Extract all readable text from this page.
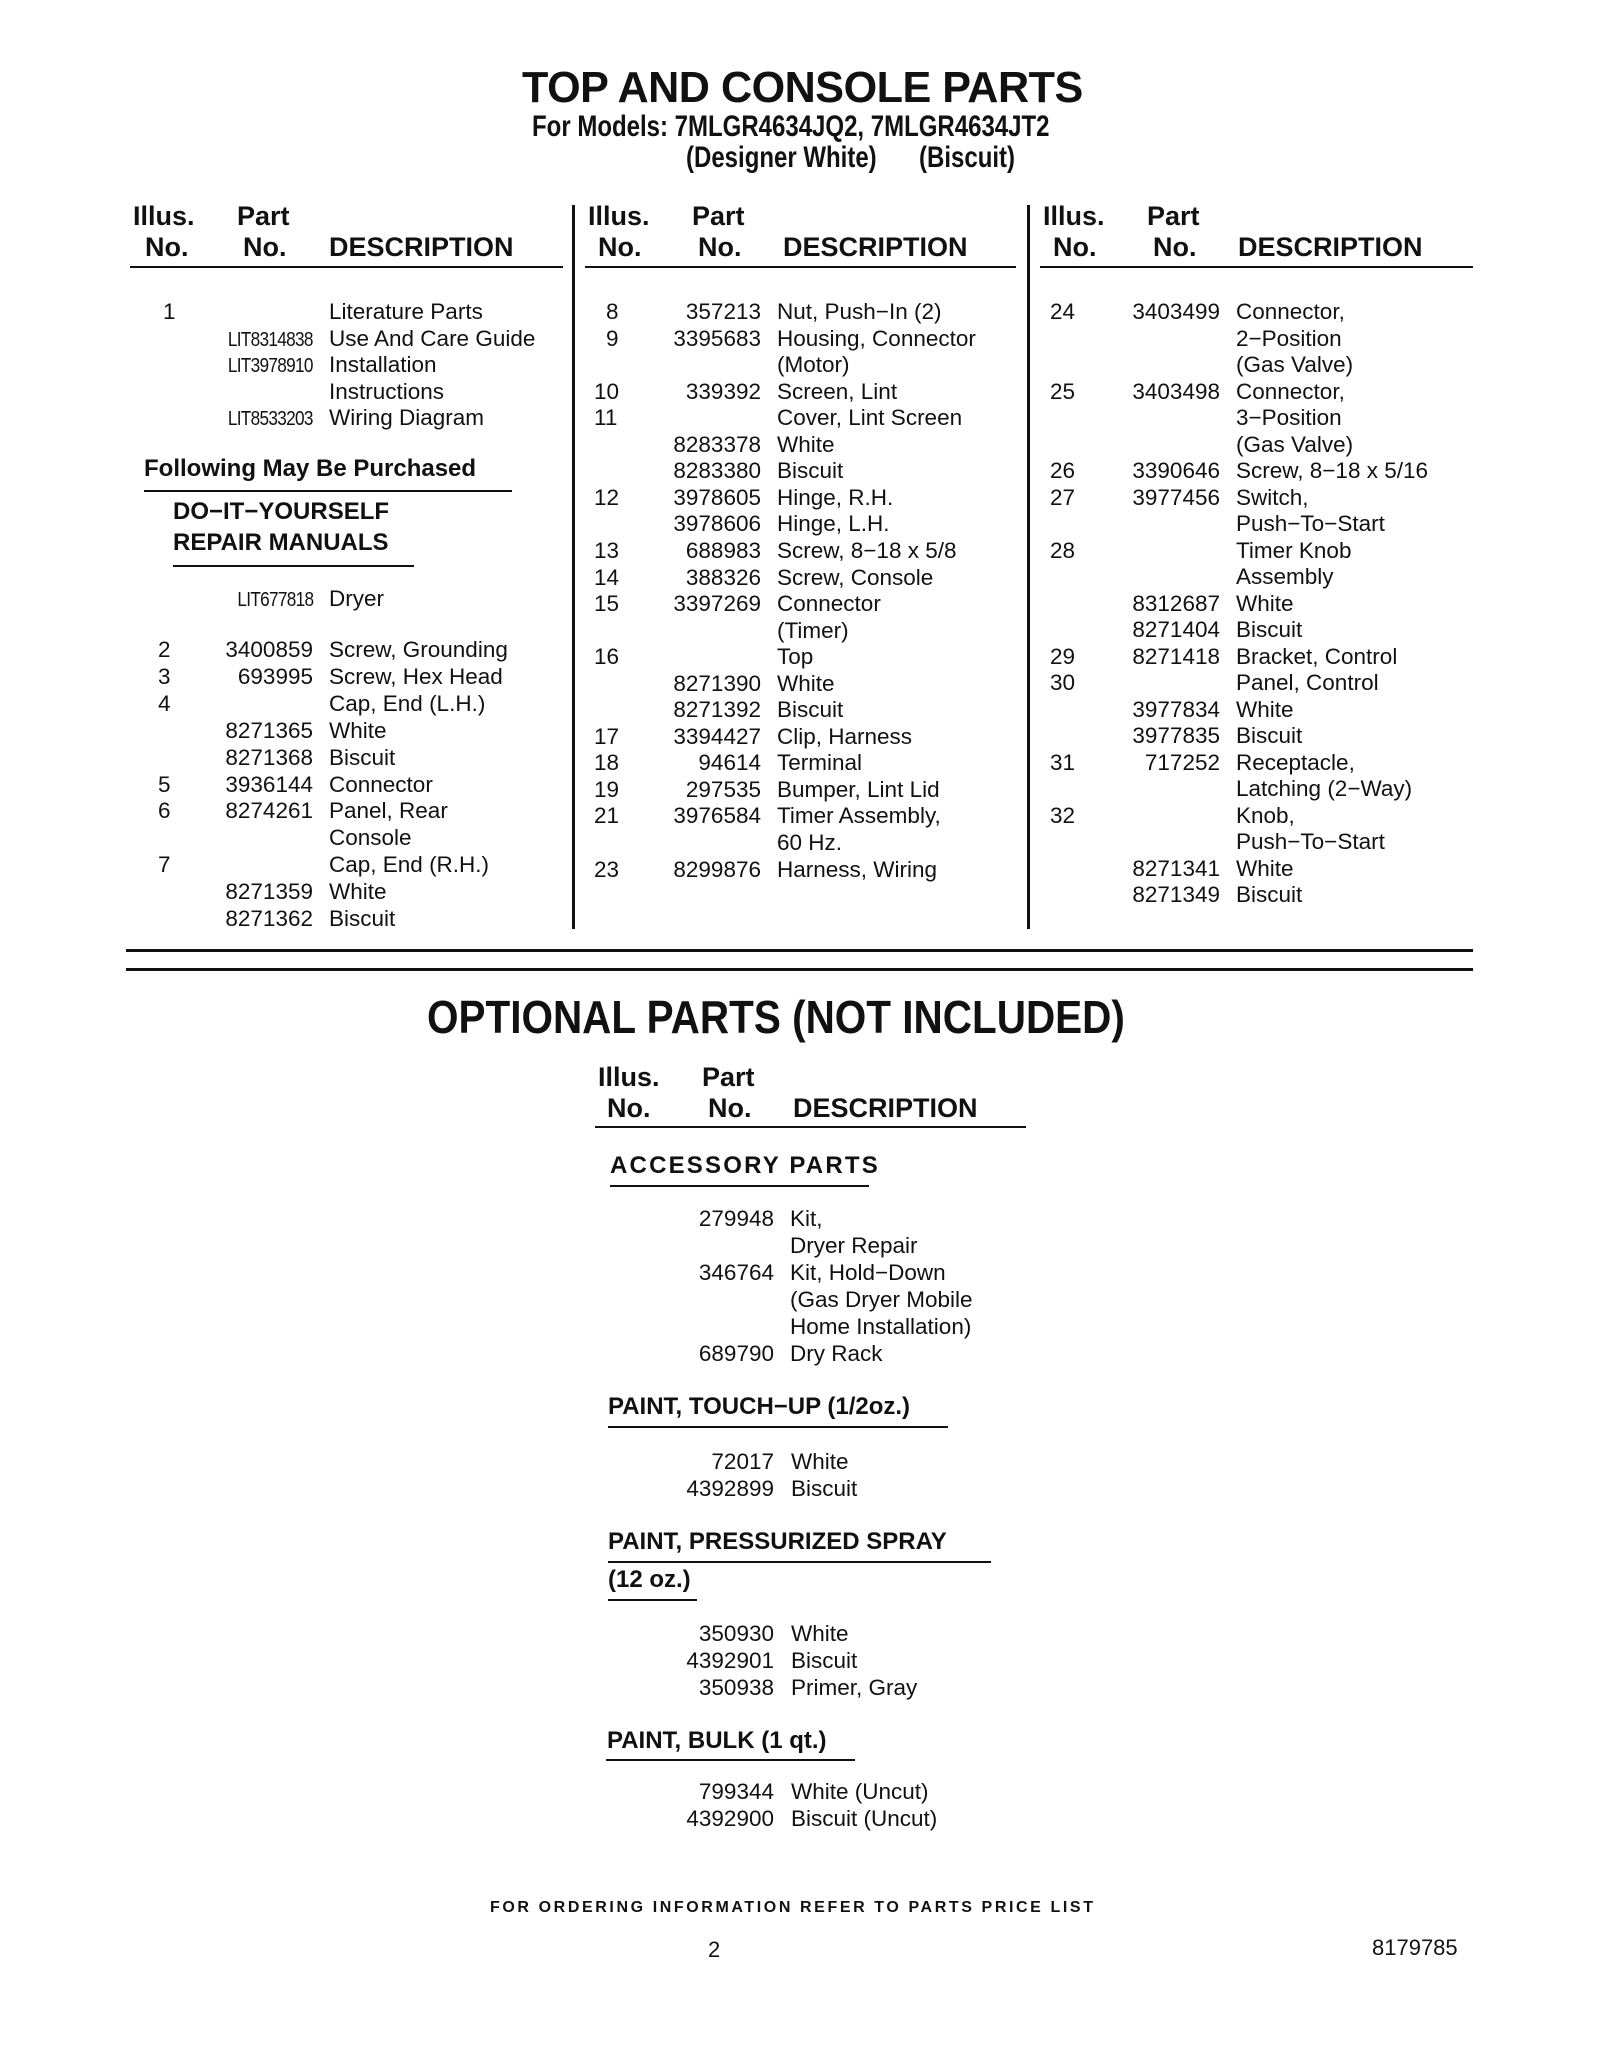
TOP AND CONSOLE PARTS
For Models: 7MLGR4634JQ2, 7MLGR4634JT2
(Designer White) (Biscuit)
Illus.
No.
Part
No. DESCRIPTION
Illus.
No.
Part
No. DESCRIPTION
Illus.
No.
Part
No. DESCRIPTION
1	Literature Parts
LIT8314838 Use And Care Guide
LIT3978910 Installation
Instructions
LIT8533203 Wiring Diagram
Following May Be Purchased
DO−IT−YOURSELF
REPAIR MANUALS
LIT677818 Dryer
2	3400859 Screw, Grounding
3	693995 Screw, Hex Head
4	Cap, End (L.H.)
8271365 White
8271368 Biscuit
5	3936144 Connector
6	8274261 Panel, Rear
Console
7	Cap, End (R.H.)
8271359 White
8271362 Biscuit
8	357213 Nut, Push−In (2)
9	3395683 Housing, Connector
(Motor)
10	339392 Screen, Lint
11	Cover, Lint Screen
8283378 White
8283380 Biscuit
12	3978605 Hinge, R.H.
3978606 Hinge, L.H.
13	688983 Screw, 8−18 x 5/8
14	388326 Screw, Console
15	3397269 Connector
(Timer)
16	Top
8271390 White
8271392 Biscuit
17	3394427 Clip, Harness
18	94614 Terminal
19	297535 Bumper, Lint Lid
21	3976584 Timer Assembly,
60 Hz.
23	8299876 Harness, Wiring
24	3403499 Connector,
2−Position
(Gas Valve)
25	3403498 Connector,
3−Position
(Gas Valve)
26	3390646 Screw, 8−18 x 5/16
27	3977456 Switch,
Push−To−Start
28	Timer Knob
Assembly
8312687 White
8271404 Biscuit
29	8271418 Bracket, Control
30	Panel, Control
3977834 White
3977835 Biscuit
31	717252 Receptacle,
Latching (2−Way)
32	Knob,
Push−To−Start
8271341 White
8271349 Biscuit
OPTIONAL PARTS (NOT INCLUDED)
Illus.
No.
Part
No. DESCRIPTION
ACCESSORY PARTS
279948 Kit,
Dryer Repair
346764 Kit, Hold−Down
(Gas Dryer Mobile
Home Installation)
689790 Dry Rack
PAINT, TOUCH−UP (1/2oz.)
72017 White
4392899 Biscuit
PAINT, PRESSURIZED SPRAY
(12 oz.)
350930 White
4392901 Biscuit
350938 Primer, Gray
PAINT, BULK (1 qt.)
799344 White (Uncut)
4392900 Biscuit (Uncut)
FOR ORDERING INFORMATION REFER TO PARTS PRICE LIST
2	8179785
